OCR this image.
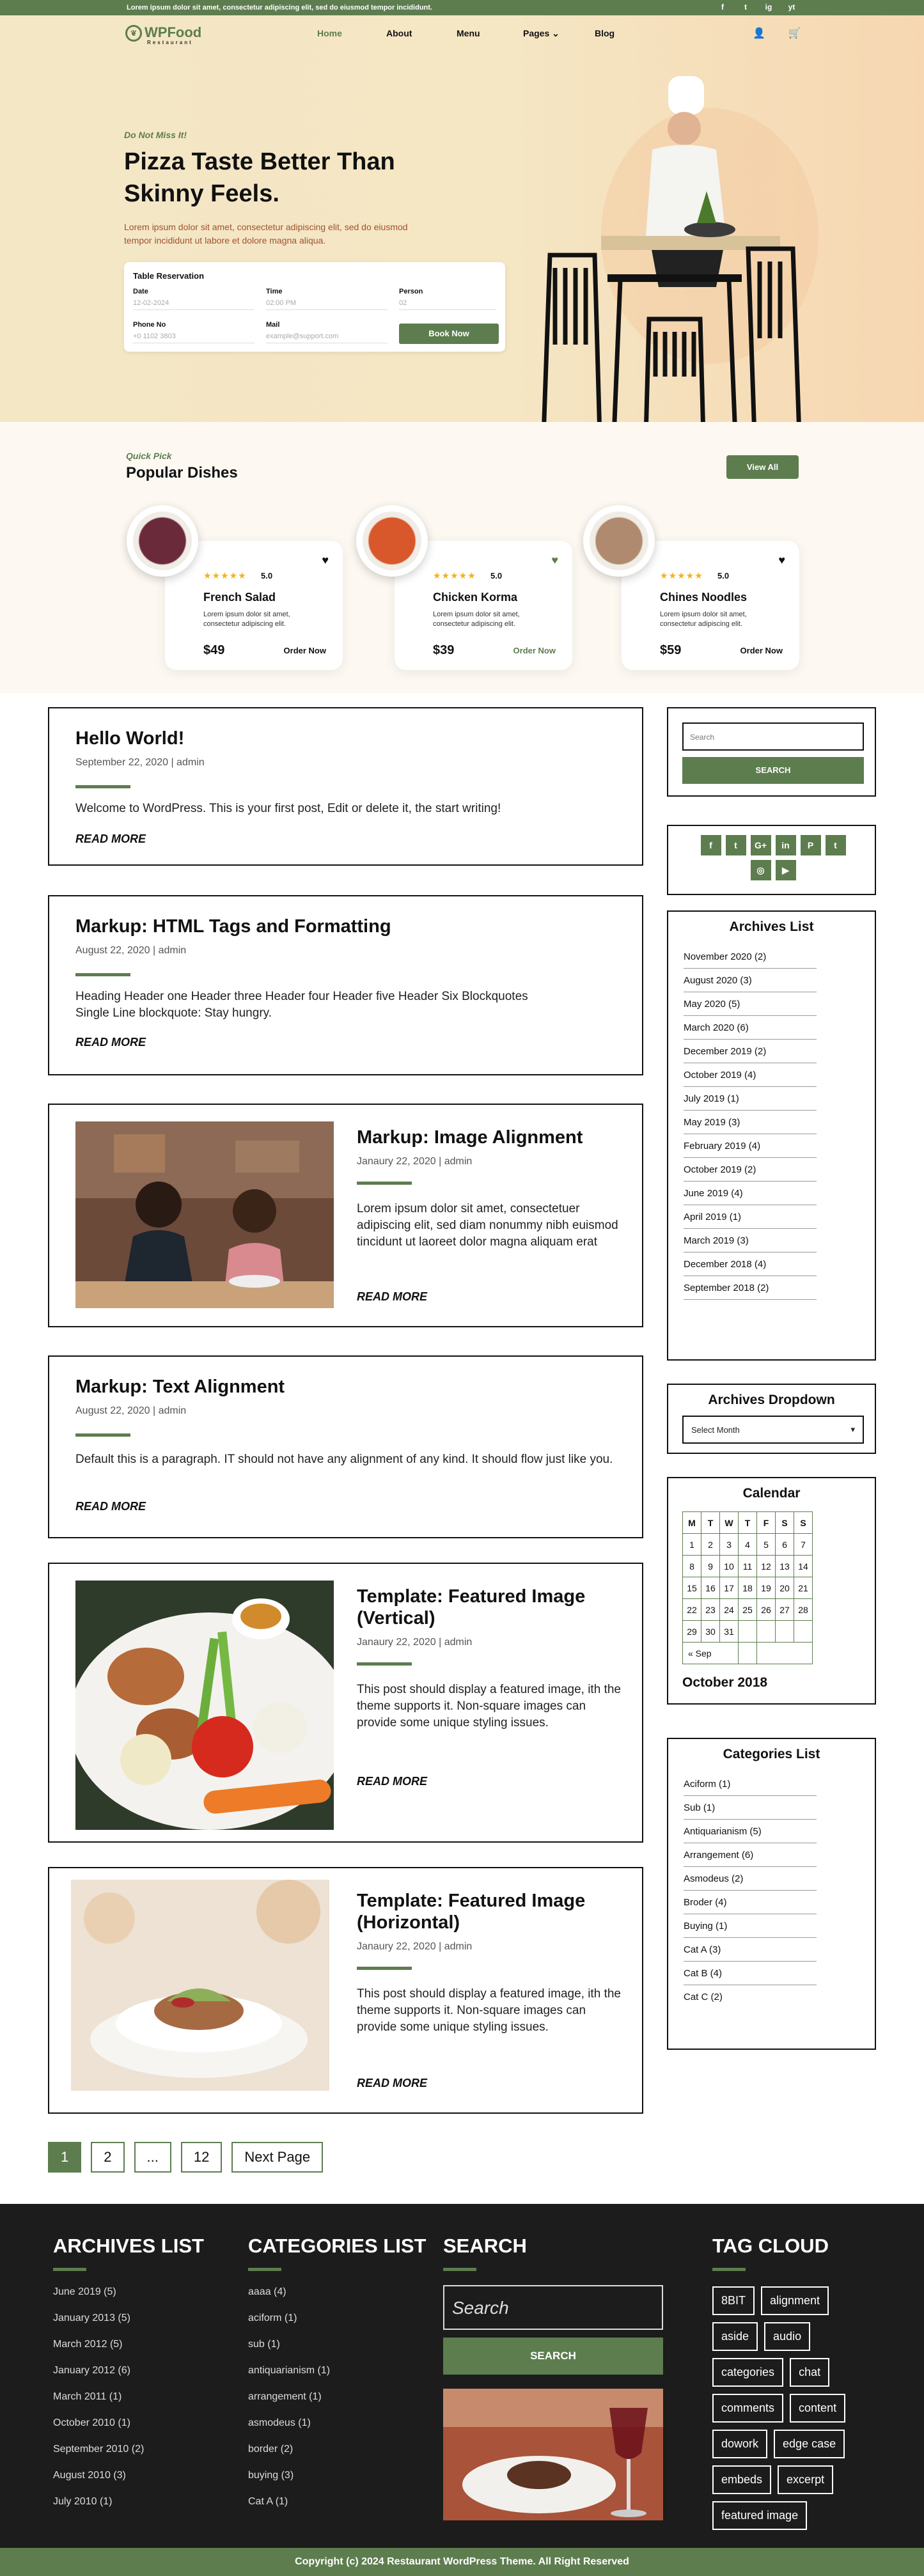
Lorem ipsum dolor sit amet, consectetur adipiscing elit, sed do eiusmod tempor incididunt.	f	t	ig yt
❦ WPFood
Restaurant
Home	About	Menu	Pages ⌄	Blog	👤 🛒
Do Not Miss It!
Pizza Taste Better Than Skinny Feels.
Lorem ipsum dolor sit amet, consectetur adipiscing elit, sed do eiusmod tempor incididunt ut labore et dolore magna aliqua.
Table Reservation
Date
12-02-2024
Time
02:00 PM
Person
02
Phone No
+0 1102 3803
Mail
example@support.com	Book Now
Quick Pick
Popular Dishes	View All
♥
★★★★★ 5.0
French Salad
Lorem ipsum dolor sit amet, consectetur adipiscing elit.
$49	Order Now
♥
★★★★★ 5.0
Chicken Korma
Lorem ipsum dolor sit amet, consectetur adipiscing elit.
$39	Order Now
♥
★★★★★ 5.0
Chines Noodles
Lorem ipsum dolor sit amet, consectetur adipiscing elit.
$59	Order Now
Hello World!
September 22, 2020 | admin
Welcome to WordPress. This is your first post, Edit or delete it, the start writing!
READ MORE
Markup: HTML Tags and Formatting
August 22, 2020 | admin
Heading Header one Header three Header four Header five Header Six Blockquotes Single Line blockquote: Stay hungry.
READ MORE
Markup: Image Alignment
Janaury 22, 2020 | admin
Lorem ipsum dolor sit amet, consectetuer adipiscing elit, sed diam nonummy nibh euismod tincidunt ut laoreet dolor magna aliquam erat
READ MORE
Markup: Text Alignment
August 22, 2020 | admin
Default this is a paragraph. IT should not have any alignment of any kind. It should flow just like you.
READ MORE
Template: Featured Image (Vertical)
Janaury 22, 2020 | admin
This post should display a featured image, ith the theme supports it. Non-square images can provide some unique styling issues.
READ MORE
Template: Featured Image (Horizontal)
Janaury 22, 2020 | admin
This post should display a featured image, ith the theme supports it. Non-square images can provide some unique styling issues.
READ MORE
Search
SEARCH
f	t	G+	in	P	t
◎	▶
Archives List
November 2020 (2)
August 2020 (3)
May 2020 (5)
March 2020 (6)
December 2019 (2)
October 2019 (4)
July 2019 (1)
May 2019 (3)
February 2019 (4)
October 2019 (2)
June 2019 (4)
April 2019 (1)
March 2019 (3)
December 2018 (4)
September 2018 (2)
Archives Dropdown
Select Month	▾
Calendar
M	T	W	T	F	S	S
1	2	3	4	5	6	7
8	9	10	11	12	13	14
15	16	17	18	19	20	21
22	23	24	25	26	27	28
29	30	31				
« Sep						
October 2018
Categories List
Aciform (1)
Sub (1)
Antiquarianism (5)
Arrangement (6)
Asmodeus (2)
Broder (4)
Buying (1)
Cat A (3)
Cat B (4)
Cat C (2)
1	2	...	12	Next Page
ARCHIVES LIST
June 2019 (5)
January 2013 (5)
March 2012 (5)
January 2012 (6)
March 2011 (1)
October 2010 (1)
September 2010 (2)
August 2010 (3)
July 2010 (1)
CATEGORIES LIST
aaaa (4)
aciform (1)
sub (1)
antiquarianism (1)
arrangement (1)
asmodeus (1)
border (2)
buying (3)
Cat A (1)
SEARCH
Search
SEARCH
TAG CLOUD
8BIT	alignment
aside	audio
categories	chat
comments	content
dowork	edge case
embeds	excerpt
featured image
Copyright (c) 2024 Restaurant WordPress Theme. All Right Reserved
